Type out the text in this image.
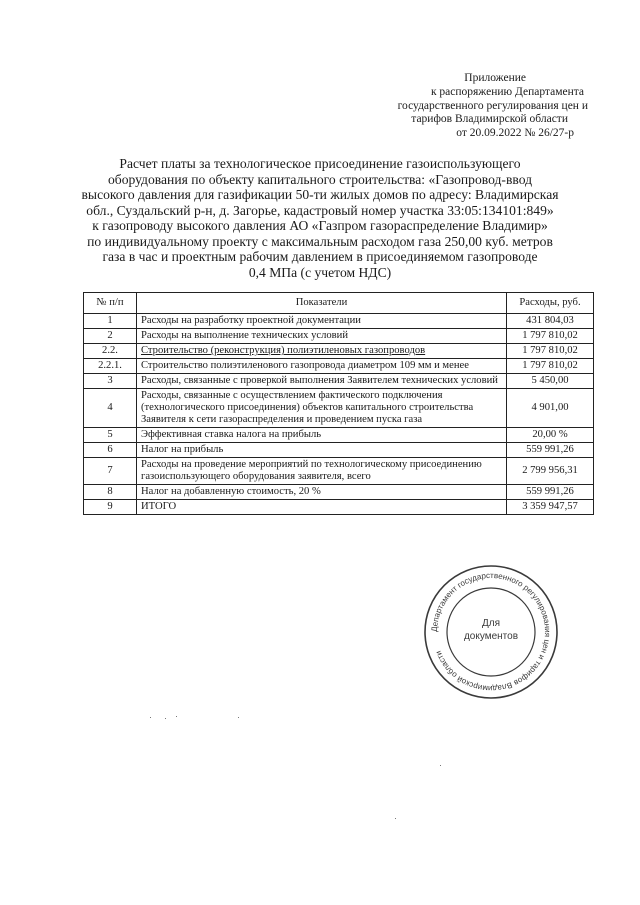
Приложение
к распоряжению Департамента
государственного регулирования цен и
тарифов Владимирской области
от 20.09.2022 № 26/27-р
Расчет платы за технологическое присоединение газоиспользующего
оборудования по объекту капитального строительства: «Газопровод-ввод
высокого давления для газификации 50-ти жилых домов по адресу: Владимирская
обл., Суздальский р-н, д. Загорье, кадастровый номер участка 33:05:134101:849»
к газопроводу высокого давления АО «Газпром газораспределение Владимир»
по индивидуальному проекту с максимальным расходом газа 250,00 куб. метров
газа в час и проектным рабочим давлением в присоединяемом газопроводе
0,4 МПа (с учетом НДС)
№ п/п	Показатели	Расходы, руб.
1	Расходы на разработку проектной документации	431 804,03
2	Расходы на выполнение технических условий	1 797 810,02
2.2.	Строительство (реконструкция) полиэтиленовых газопроводов	1 797 810,02
2.2.1.	Строительство полиэтиленового газопровода диаметром 109 мм и менее	1 797 810,02
3	Расходы, связанные с проверкой выполнения Заявителем технических условий	5 450,00
4	Расходы, связанные с осуществлением фактического подключения (технологического присоединения) объектов капитального строительства Заявителя к сети газораспределения и проведением пуска газа	4 901,00
5	Эффективная ставка налога на прибыль	20,00 %
6	Налог на прибыль	559 991,26
7	Расходы на проведение мероприятий по технологическому присоединению газоиспользующего оборудования заявителя, всего	2 799 956,31
8	Налог на добавленную стоимость, 20 %	559 991,26
9	ИТОГО	3 359 947,57
Департамент государственного регулирования цен и тарифов Владимирской области
Для
документов
